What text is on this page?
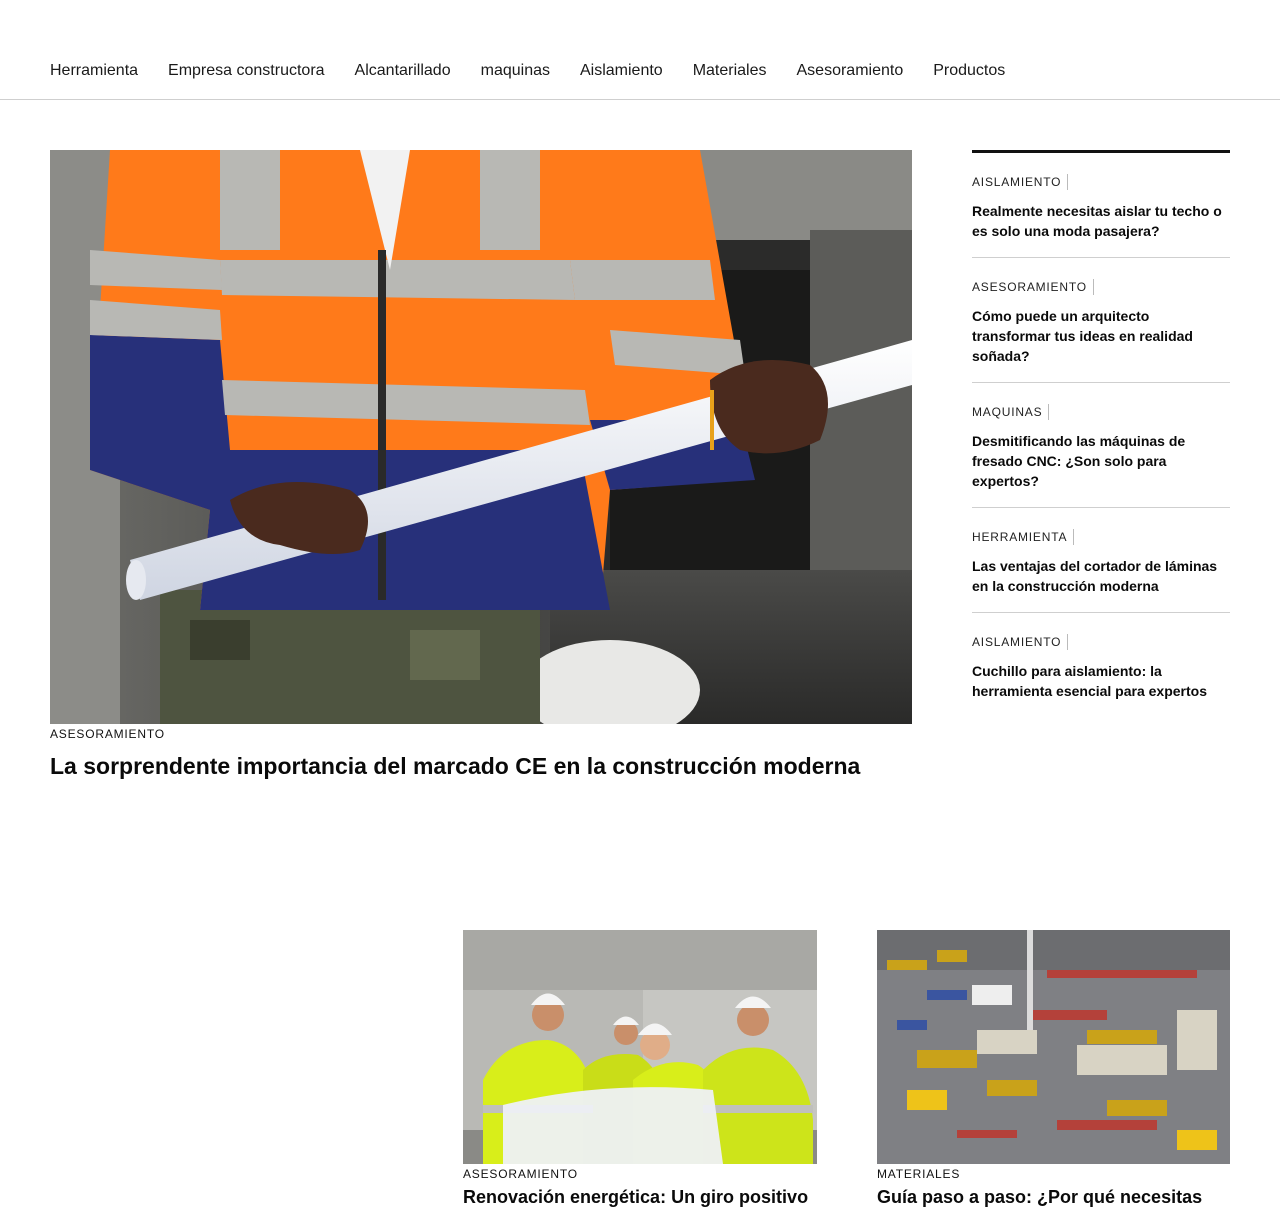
Herramienta Empresa constructora Alcantarillado maquinas Aislamiento Materiales Asesoramiento Productos
ASESORAMIENTO
La sorprendente importancia del marcado CE en la construcción moderna
AISLAMIENTO
Realmente necesitas aislar tu techo o es solo una moda pasajera?
ASESORAMIENTO
Cómo puede un arquitecto transformar tus ideas en realidad soñada?
MAQUINAS
Desmitificando las máquinas de fresado CNC: ¿Son solo para expertos?
HERRAMIENTA
Las ventajas del cortador de láminas en la construcción moderna
AISLAMIENTO
Cuchillo para aislamiento: la herramienta esencial para expertos
ASESORAMIENTO
Renovación energética: Un giro positivo
MATERIALES
Guía paso a paso: ¿Por qué necesitas
